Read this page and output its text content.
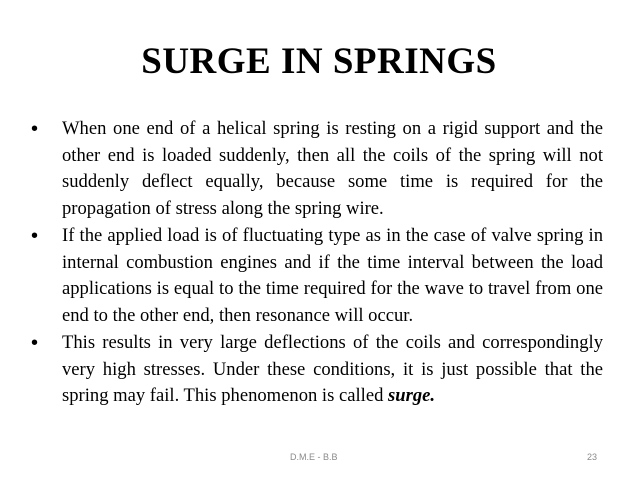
SURGE IN SPRINGS
• When one end of a helical spring is resting on a rigid support and the other end is loaded suddenly, then all the coils of the spring will not suddenly deflect equally, because some time is required for the propagation of stress along the spring wire.
• If the applied load is of fluctuating type as in the case of valve spring in internal combustion engines and if the time interval between the load applications is equal to the time required for the wave to travel from one end to the other end, then resonance will occur.
• This results in very large deflections of the coils and correspondingly very high stresses. Under these conditions, it is just possible that the spring may fail. This phenomenon is called surge.
D.M.E - B.B	23
